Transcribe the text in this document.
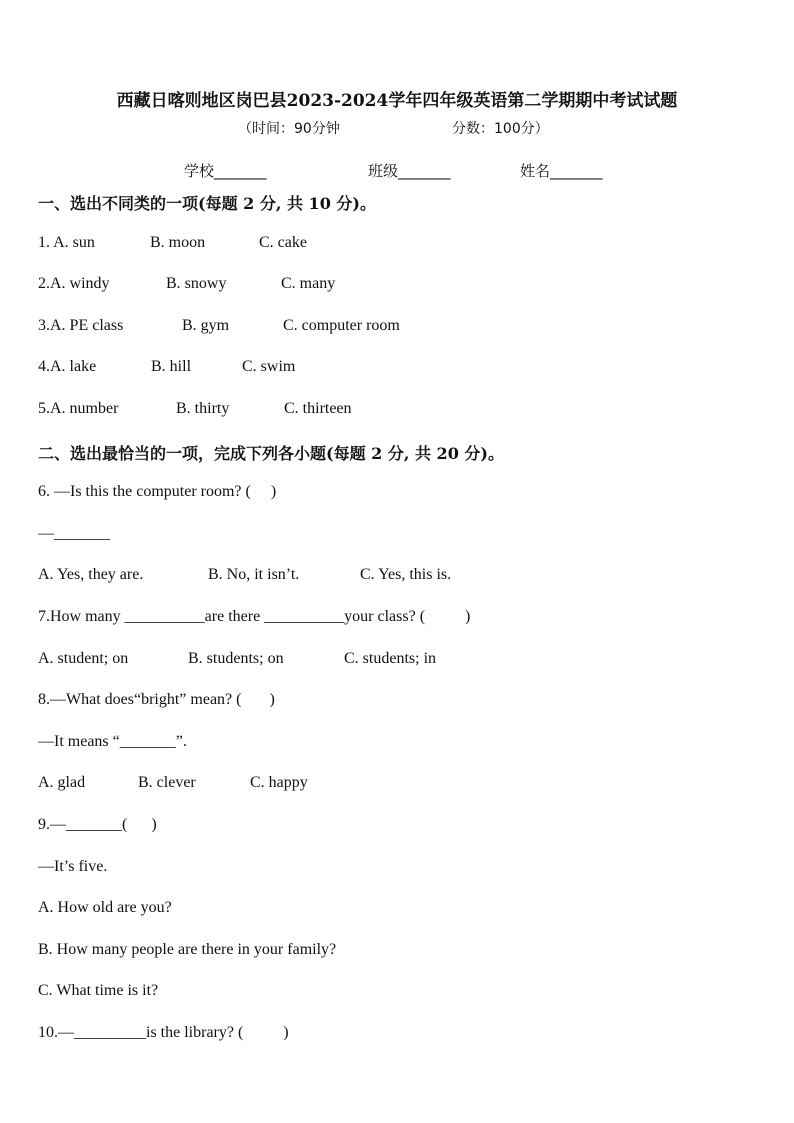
西藏日喀则地区岗巴县2023-2024学年四年级英语第二学期期中考试试题
（时间：90分钟	分数：100分）
学校_______	班级_______	姓名_______
一、选出不同类的一项(每题 2 分, 共 10 分)。
1. A. sun	B. moon	C. cake
2.A. windy	B. snowy	C. many
3.A. PE class	B. gym	C. computer room
4.A. lake	B. hill	C. swim
5.A. number	B. thirty	C. thirteen
二、选出最恰当的一项，完成下列各小题(每题 2 分, 共 20 分)。
6. —Is this the computer room? (     )
—_______
A. Yes, they are.	B. No, it isn’t.	C. Yes, this is.
7.How many __________are there __________your class? (          )
A. student; on	B. students; on	C. students; in
8.—What does“bright” mean? (       )
—It means “_______”.
A. glad	B. clever	C. happy
9.—_______(      )
—It’s five.
A. How old are you?
B. How many people are there in your family?
C. What time is it?
10.—_________is the library? (          )
